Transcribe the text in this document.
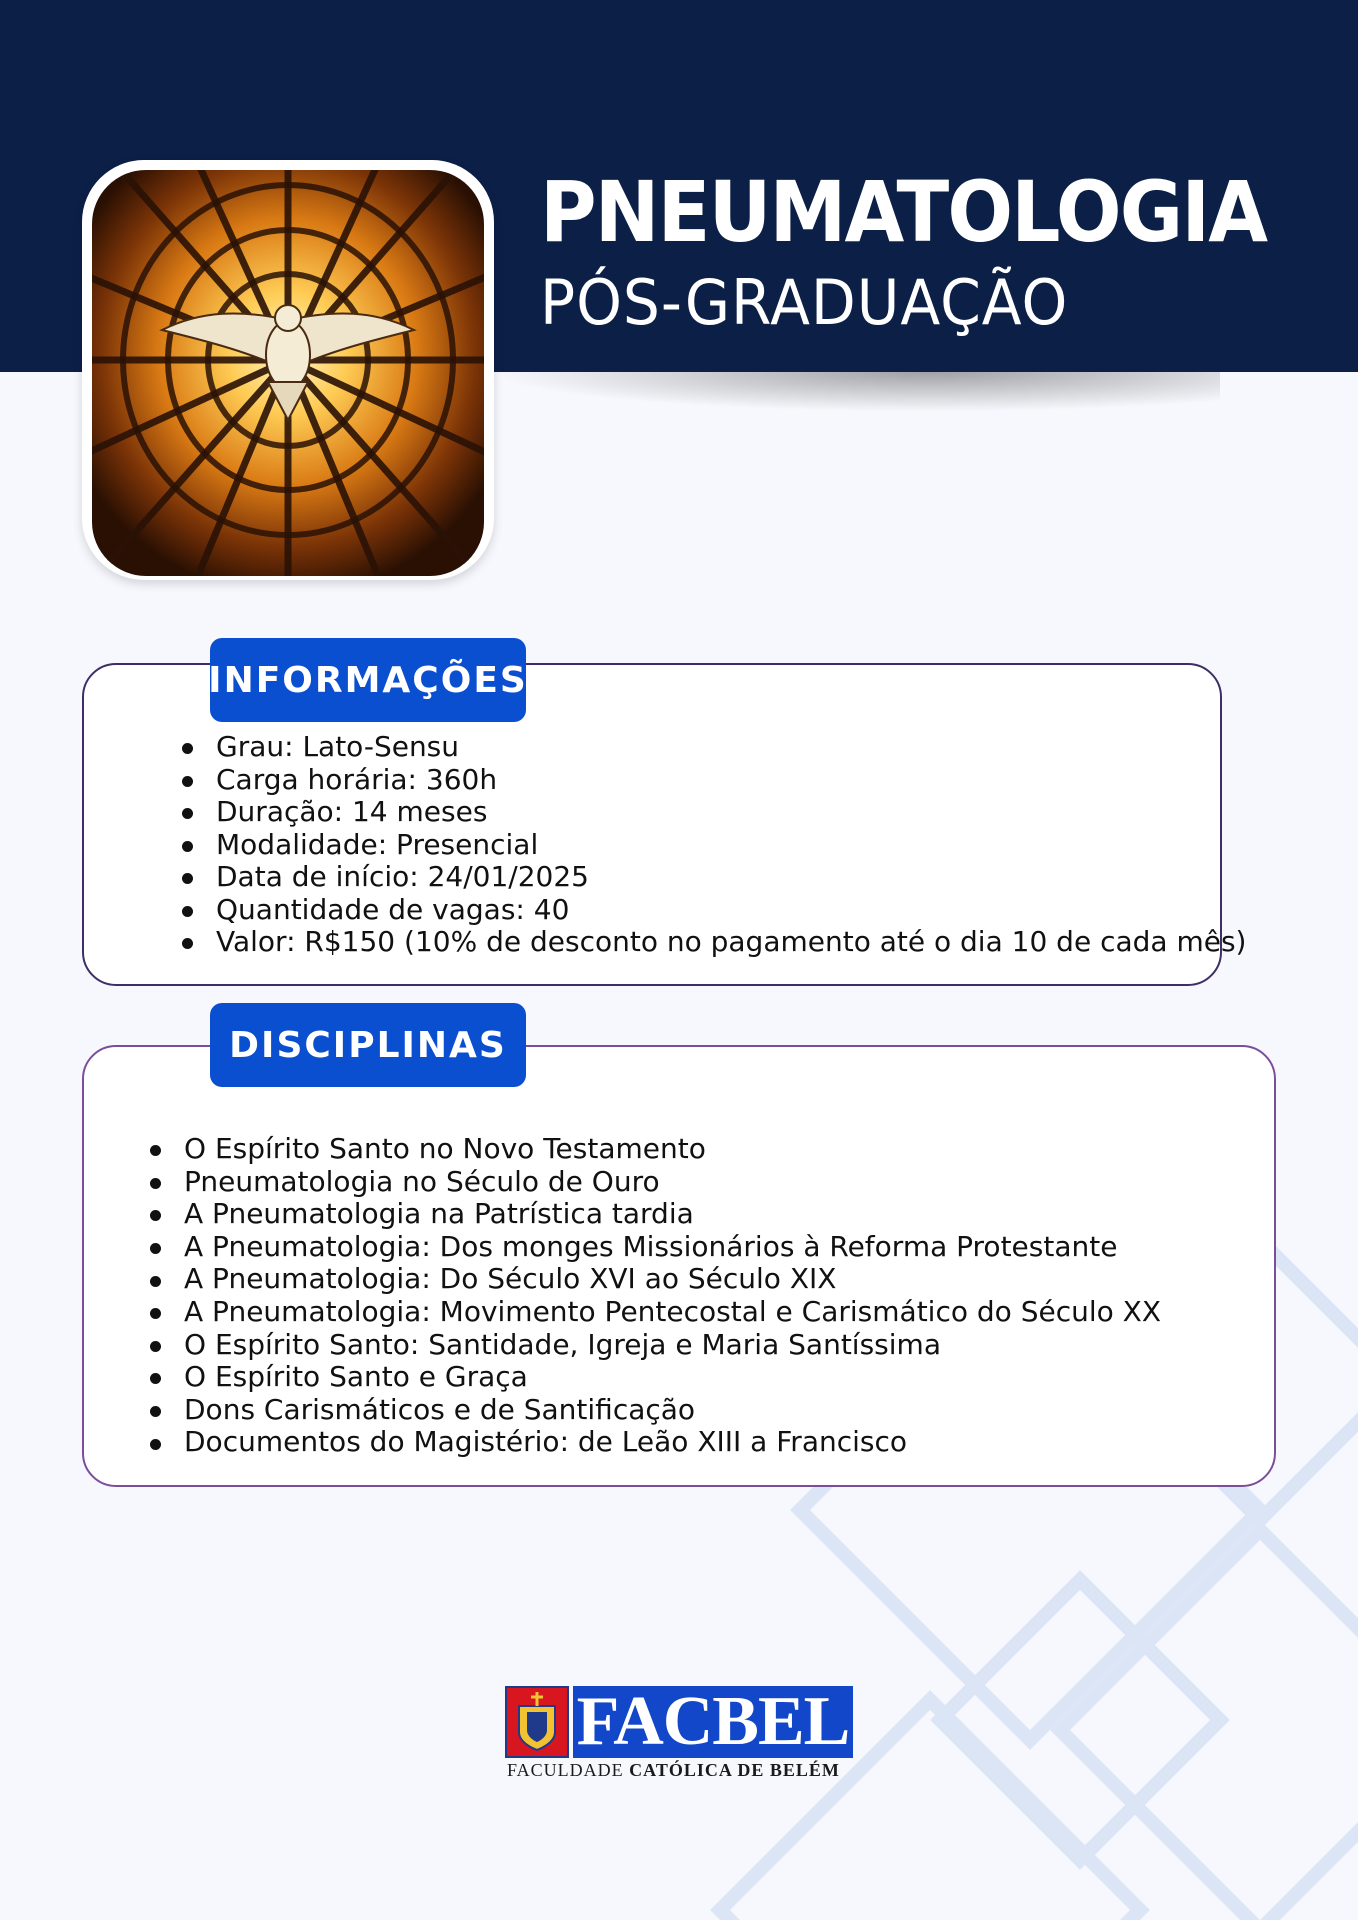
PNEUMATOLOGIA
PÓS-GRADUAÇÃO
INFORMAÇÕES
Grau: Lato-Sensu
Carga horária: 360h
Duração: 14 meses
Modalidade: Presencial
Data de início: 24/01/2025
Quantidade de vagas: 40
Valor: R$150 (10% de desconto no pagamento até o dia 10 de cada mês)
DISCIPLINAS
O Espírito Santo no Novo Testamento
Pneumatologia no Século de Ouro
A Pneumatologia na Patrística tardia
A Pneumatologia: Dos monges Missionários à Reforma Protestante
A Pneumatologia: Do Século XVI ao Século XIX
A Pneumatologia: Movimento Pentecostal e Carismático do Século XX
O Espírito Santo: Santidade, Igreja e Maria Santíssima
O Espírito Santo e Graça
Dons Carismáticos e de Santificação
Documentos do Magistério: de Leão XIII a Francisco
FACBEL

FACULDADE CATÓLICA DE BELÉM
